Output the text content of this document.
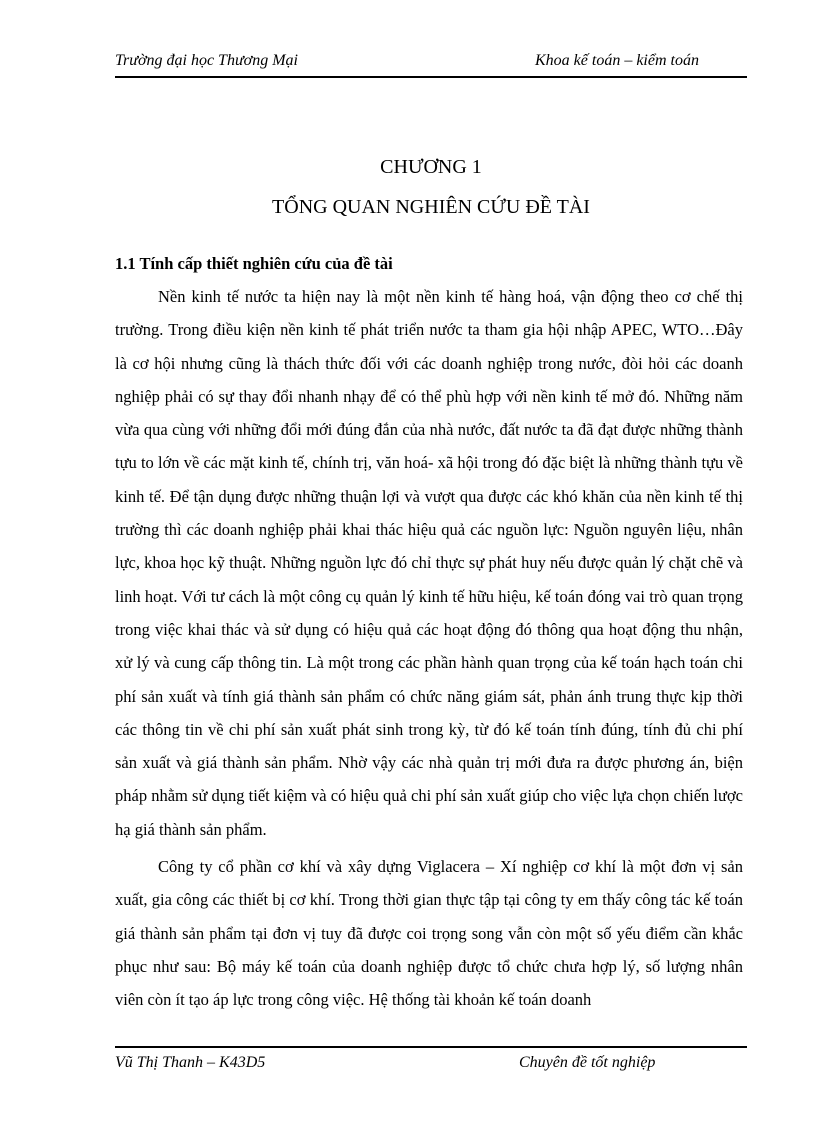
Trường đại học Thương Mại	Khoa kế toán – kiểm toán
CHƯƠNG 1
TỔNG QUAN NGHIÊN CỨU ĐỀ TÀI
1.1 Tính cấp thiết nghiên cứu của đề tài

Nền kinh tế nước ta hiện nay là một nền kinh tế hàng hoá, vận động theo cơ chế thị trường. Trong điều kiện nền kinh tế phát triển nước ta tham gia hội nhập APEC, WTO…Đây là cơ hội nhưng cũng là thách thức đối với các doanh nghiệp trong nước, đòi hỏi các doanh nghiệp phải có sự thay đổi nhanh nhạy để có thể phù hợp với nền kinh tế mở đó. Những năm vừa qua cùng với những đổi mới đúng đắn của nhà nước, đất nước ta đã đạt được những thành tựu to lớn về các mặt kinh tế, chính trị, văn hoá- xã hội trong đó đặc biệt là những thành tựu về kinh tế. Để tận dụng được những thuận lợi và vượt qua được các khó khăn của nền kinh tế thị trường thì các doanh nghiệp phải khai thác hiệu quả các nguồn lực: Nguồn nguyên liệu, nhân lực, khoa học kỹ thuật. Những nguồn lực đó chỉ thực sự phát huy nếu được quản lý chặt chẽ và linh hoạt. Với tư cách là một công cụ quản lý kinh tế hữu hiệu, kế toán đóng vai trò quan trọng trong việc khai thác và sử dụng có hiệu quả các hoạt động đó thông qua hoạt động thu nhận, xử lý và cung cấp thông tin. Là một trong các phần hành quan trọng của kế toán hạch toán chi phí sản xuất và tính giá thành sản phẩm có chức năng giám sát, phản ánh trung thực kịp thời các thông tin về chi phí sản xuất phát sinh trong kỳ, từ đó kế toán tính đúng, tính đủ chi phí sản xuất và giá thành sản phẩm. Nhờ vậy các nhà quản trị mới đưa ra được phương án, biện pháp nhằm sử dụng tiết kiệm và có hiệu quả chi phí sản xuất giúp cho việc lựa chọn chiến lược hạ giá thành sản phẩm.

Công ty cổ phần cơ khí và xây dựng Viglacera – Xí nghiệp cơ khí là một đơn vị sản xuất, gia công các thiết bị cơ khí. Trong thời gian thực tập tại công ty em thấy công tác kế toán giá thành sản phẩm tại đơn vị tuy đã được coi trọng song vẫn còn một số yếu điểm cần khắc phục như sau: Bộ máy kế toán của doanh nghiệp được tổ chức chưa hợp lý, số lượng nhân viên còn ít tạo áp lực trong công việc. Hệ thống tài khoản kế toán doanh

Vũ Thị Thanh – K43D5	Chuyên đề tốt nghiệp
